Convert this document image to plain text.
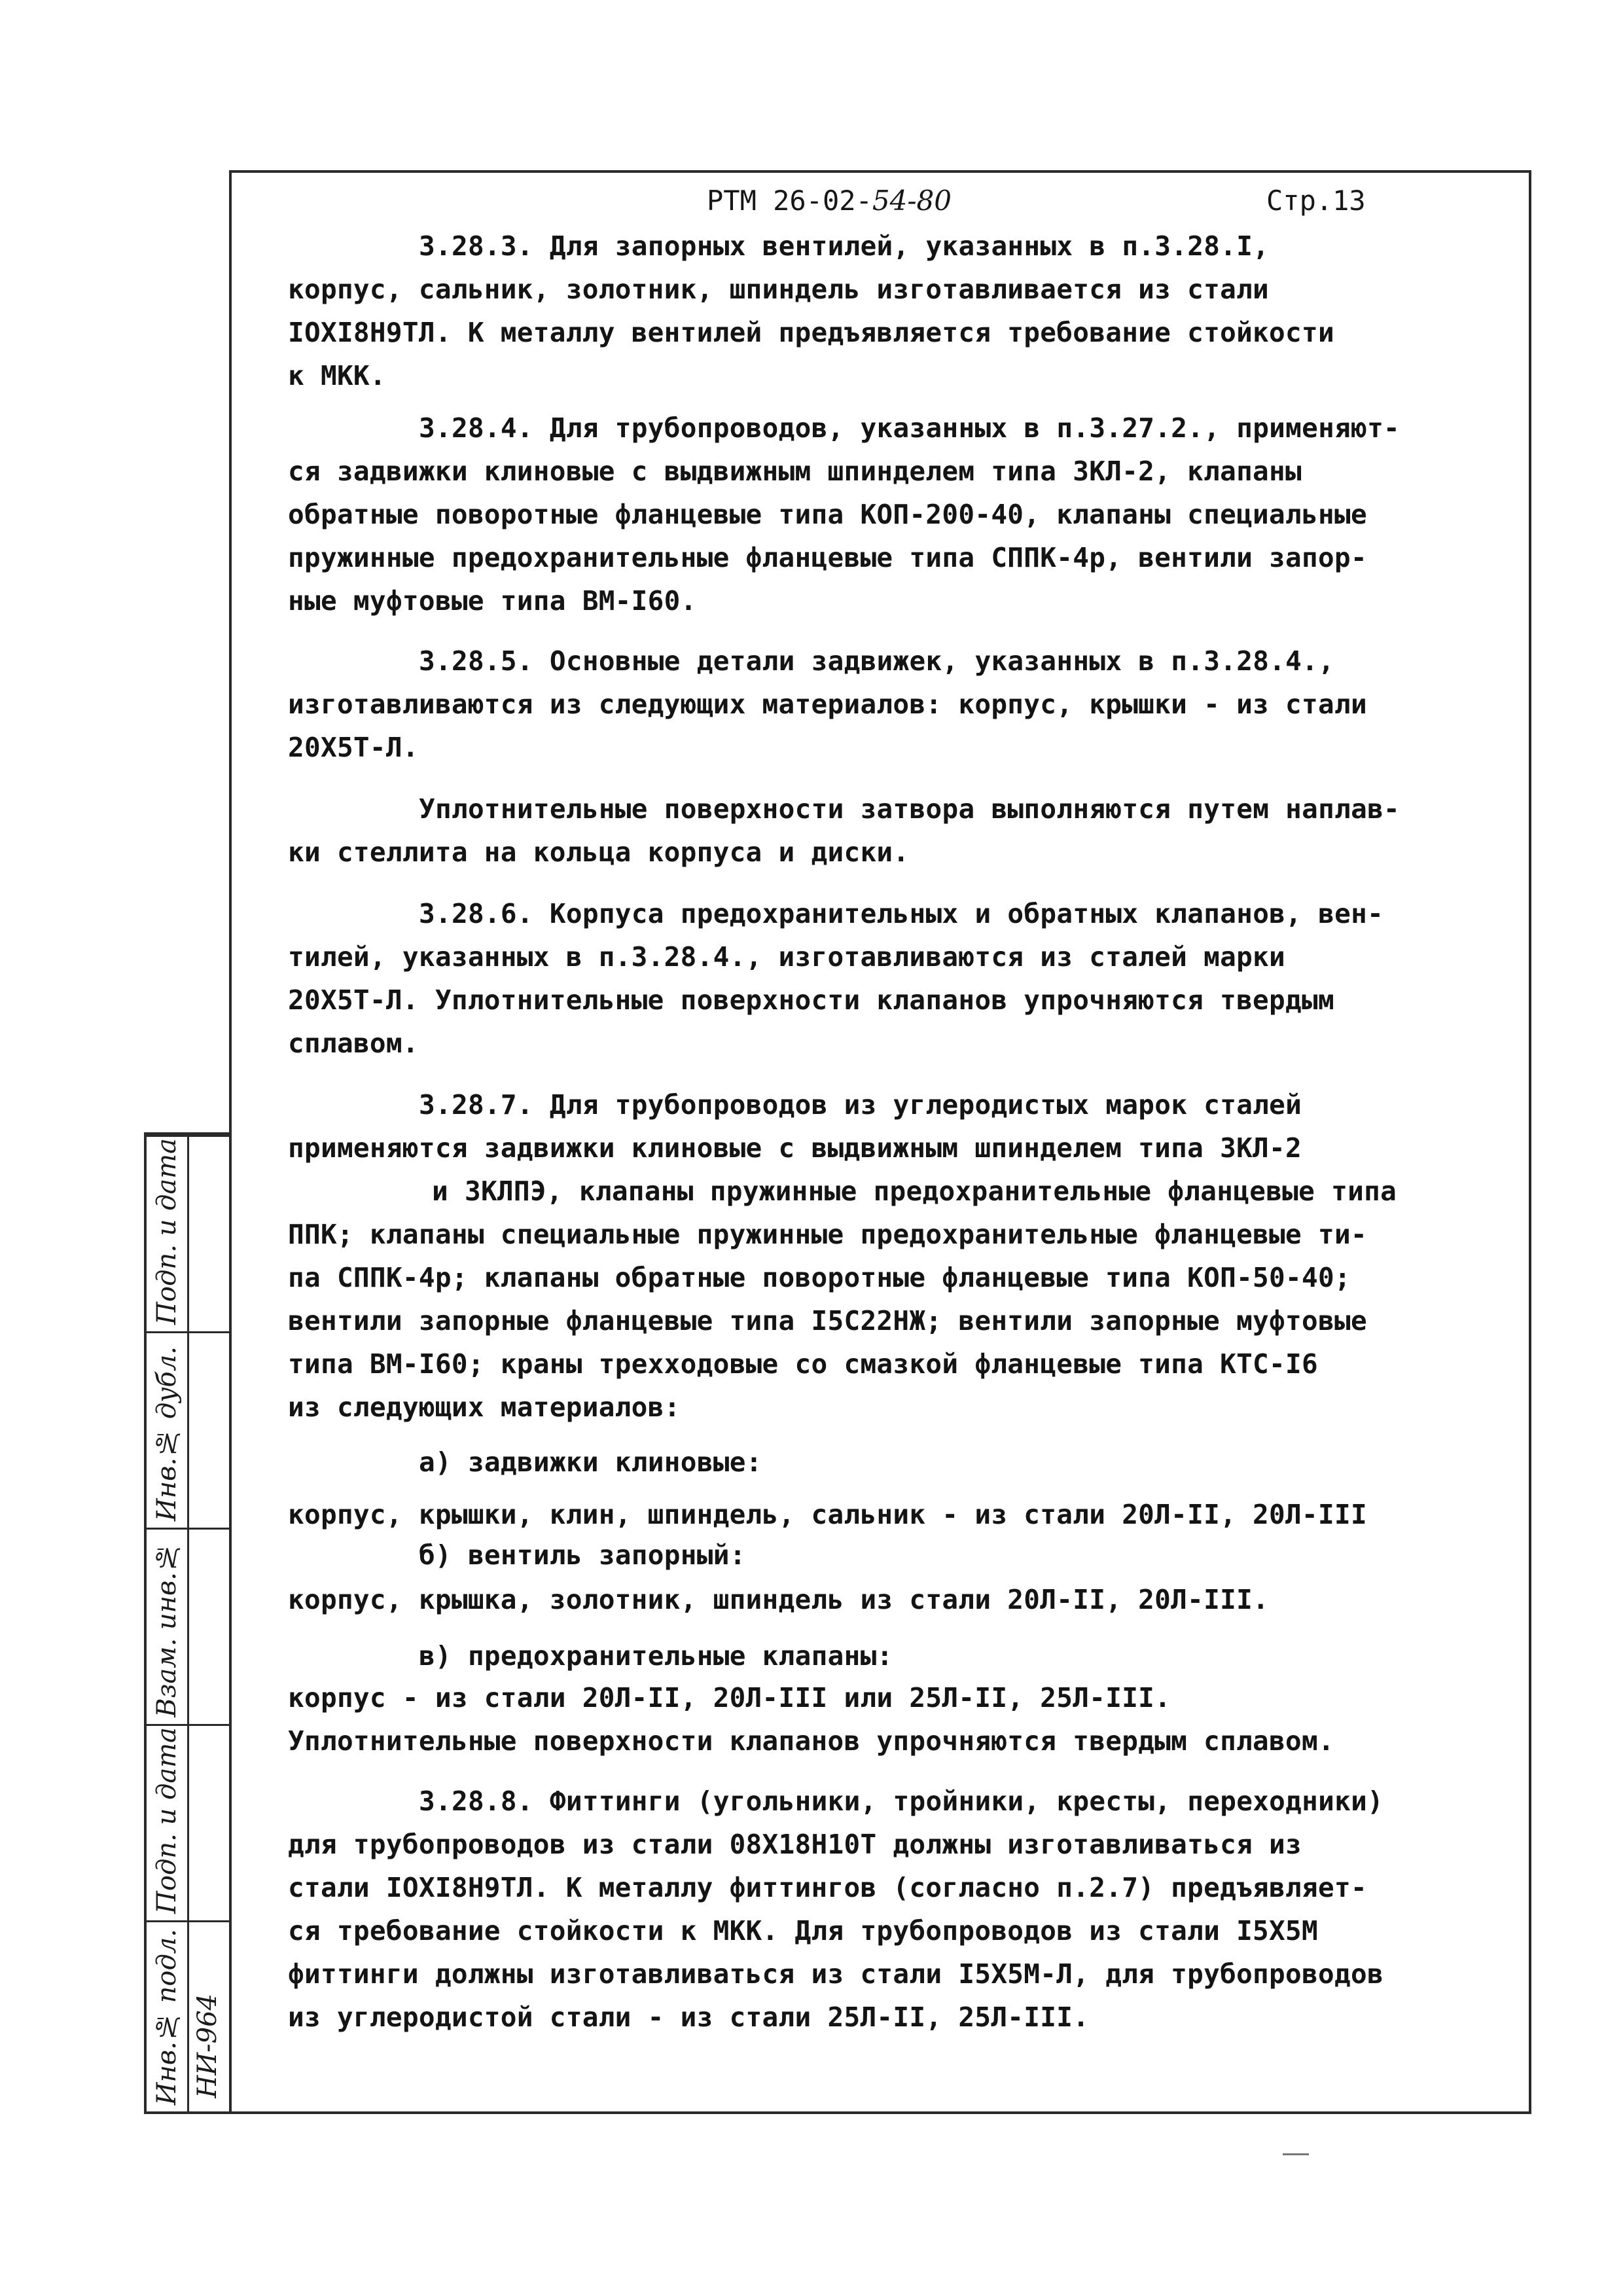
РТМ 26-02-54-80	Стр.13
3.28.3. Для запорных вентилей, указанных в п.3.28.I,
корпус, сальник, золотник, шпиндель изготавливается из стали
IOXI8H9TЛ. К металлу вентилей предъявляется требование стойкости
к МКК.
3.28.4. Для трубопроводов, указанных в п.3.27.2., применяют-
ся задвижки клиновые с выдвижным шпинделем типа ЗКЛ-2, клапаны
обратные поворотные фланцевые типа КОП-200-40, клапаны специальные
пружинные предохранительные фланцевые типа СППК-4р, вентили запор-
ные муфтовые типа ВМ-I60.
3.28.5. Основные детали задвижек, указанных в п.3.28.4.,
изготавливаются из следующих материалов: корпус, крышки - из стали
20Х5Т-Л.
Уплотнительные поверхности затвора выполняются путем наплав-
ки стеллита на кольца корпуса и диски.
3.28.6. Корпуса предохранительных и обратных клапанов, вен-
тилей, указанных в п.3.28.4., изготавливаются из сталей марки
20Х5Т-Л. Уплотнительные поверхности клапанов упрочняются твердым
сплавом.
3.28.7. Для трубопроводов из углеродистых марок сталей
применяются задвижки клиновые с выдвижным шпинделем типа ЗКЛ-2
и ЗКЛПЭ, клапаны пружинные предохранительные фланцевые типа
ППК; клапаны специальные пружинные предохранительные фланцевые ти-
па СППК-4р; клапаны обратные поворотные фланцевые типа КОП-50-40;
вентили запорные фланцевые типа I5С22НЖ; вентили запорные муфтовые
типа ВМ-I60; краны трехходовые со смазкой фланцевые типа КТС-I6
из следующих материалов:
а) задвижки клиновые:
корпус, крышки, клин, шпиндель, сальник - из стали 20Л-II, 20Л-III
б) вентиль запорный:
корпус, крышка, золотник, шпиндель из стали 20Л-II, 20Л-III.
в) предохранительные клапаны:
корпус - из стали 20Л-II, 20Л-III или 25Л-II, 25Л-III.
Уплотнительные поверхности клапанов упрочняются твердым сплавом.
3.28.8. Фиттинги (угольники, тройники, кресты, переходники)
для трубопроводов из стали 08Х18Н10Т должны изготавливаться из
стали IOXI8H9TЛ. К металлу фиттингов (согласно п.2.7) предъявляет-
ся требование стойкости к МКК. Для трубопроводов из стали I5Х5М
фиттинги должны изготавливаться из стали I5Х5М-Л, для трубопроводов
из углеродистой стали - из стали 25Л-II, 25Л-III.
Подп. и дата
Инв.№ дубл.
Взам. инв.№
Подп. и дата
Инв.№ подл. НИ-964
